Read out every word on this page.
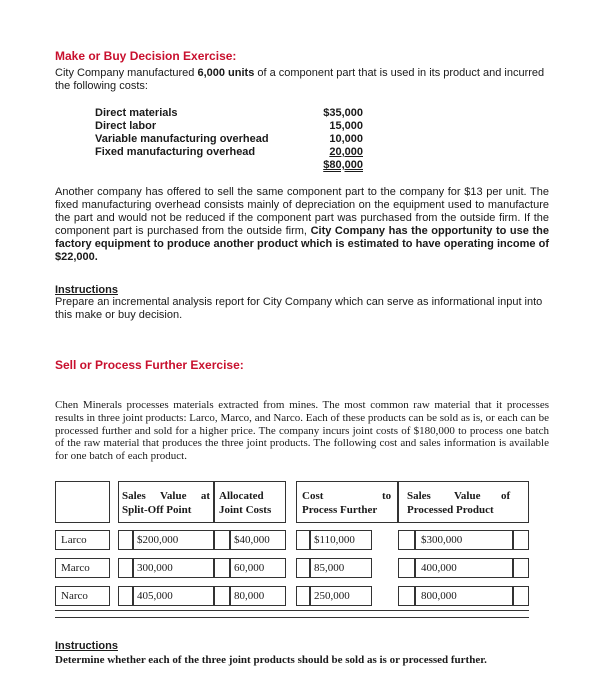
Make or Buy Decision Exercise:
City Company manufactured 6,000 units of a component part that is used in its product and incurred the following costs:
Direct materials	$35,000
Direct labor	15,000
Variable manufacturing overhead	10,000
Fixed manufacturing overhead	20,000
$80,000
Another company has offered to sell the same component part to the company for $13 per unit. The fixed manufacturing overhead consists mainly of depreciation on the equipment used to manufacture the part and would not be reduced if the component part was purchased from the outside firm. If the component part is purchased from the outside firm, City Company has the opportunity to use the factory equipment to produce another product which is estimated to have operating income of $22,000.
Instructions
Prepare an incremental analysis report for City Company which can serve as informational input into this make or buy decision.
Sell or Process Further Exercise:
Chen Minerals processes materials extracted from mines. The most common raw material that it processes results in three joint products: Larco, Marco, and Narco. Each of these products can be sold as is, or each can be processed further and sold for a higher price. The company incurs joint costs of $180,000 to process one batch of the raw material that produces the three joint products. The following cost and sales information is available for one batch of each product.
Sales Value at
Split-Off Point
Allocated
Joint Costs
Cost	to
Process Further
Sales Value of
Processed Product
Larco	$200,000	$40,000	$110,000	$300,000
Marco	300,000	60,000	85,000	400,000
Narco	405,000	80,000	250,000	800,000
Instructions
Determine whether each of the three joint products should be sold as is or processed further.
